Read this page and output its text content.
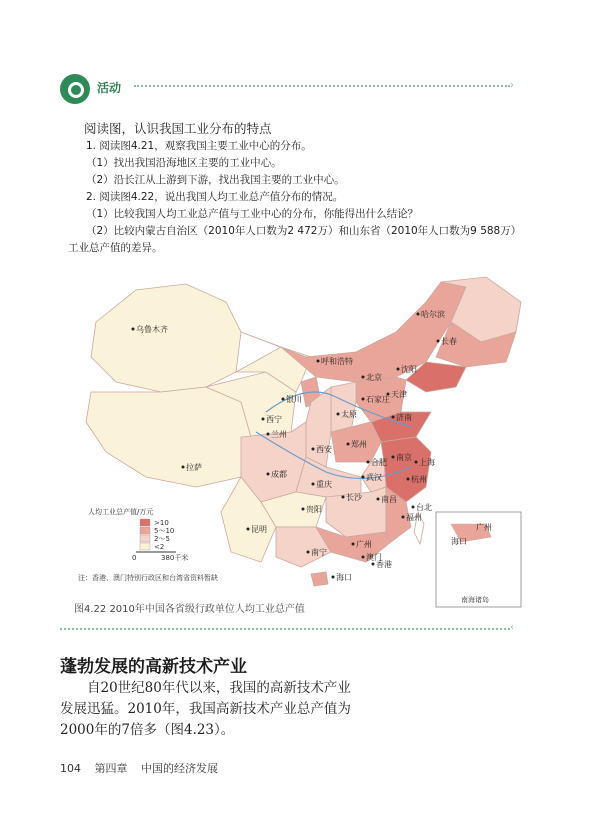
活动	›
阅读图，认识我国工业分布的特点
1. 阅读图4.21，观察我国主要工业中心的分布。
（1）找出我国沿海地区主要的工业中心。
（2）沿长江从上游到下游，找出我国主要的工业中心。
2. 阅读图4.22，说出我国人均工业总产值分布的情况。
（1）比较我国人均工业总产值与工业中心的分布，你能得出什么结论？
（2）比较内蒙古自治区（2010年人口数为2 472万）和山东省（2010年人口数为9 588万）
工业总产值的差异。
人均工业总产值/万元
>10
5～10
2～5
<2
0	380千米
注：香港、澳门特别行政区和台湾省资料暂缺
南海诸岛
广州
海口
乌鲁木齐
哈尔滨
长春
呼和浩特
北京
沈阳
银川
天津
石家庄
太原	济南
西宁
兰州
郑州
西安
合肥
南京
上海
拉萨
成都	武汉	杭州
重庆
长沙 南昌
贵阳
福州
台北
昆明
南宁
广州
香港
澳门
海口
图4.22 2010年中国各省级行政单位人均工业总产值
‹
蓬勃发展的高新技术产业
自20世纪80年代以来，我国的高新技术产业
发展迅猛。2010年，我国高新技术产业总产值为
2000年的7倍多（图4.23）。
104 第四章 中国的经济发展
